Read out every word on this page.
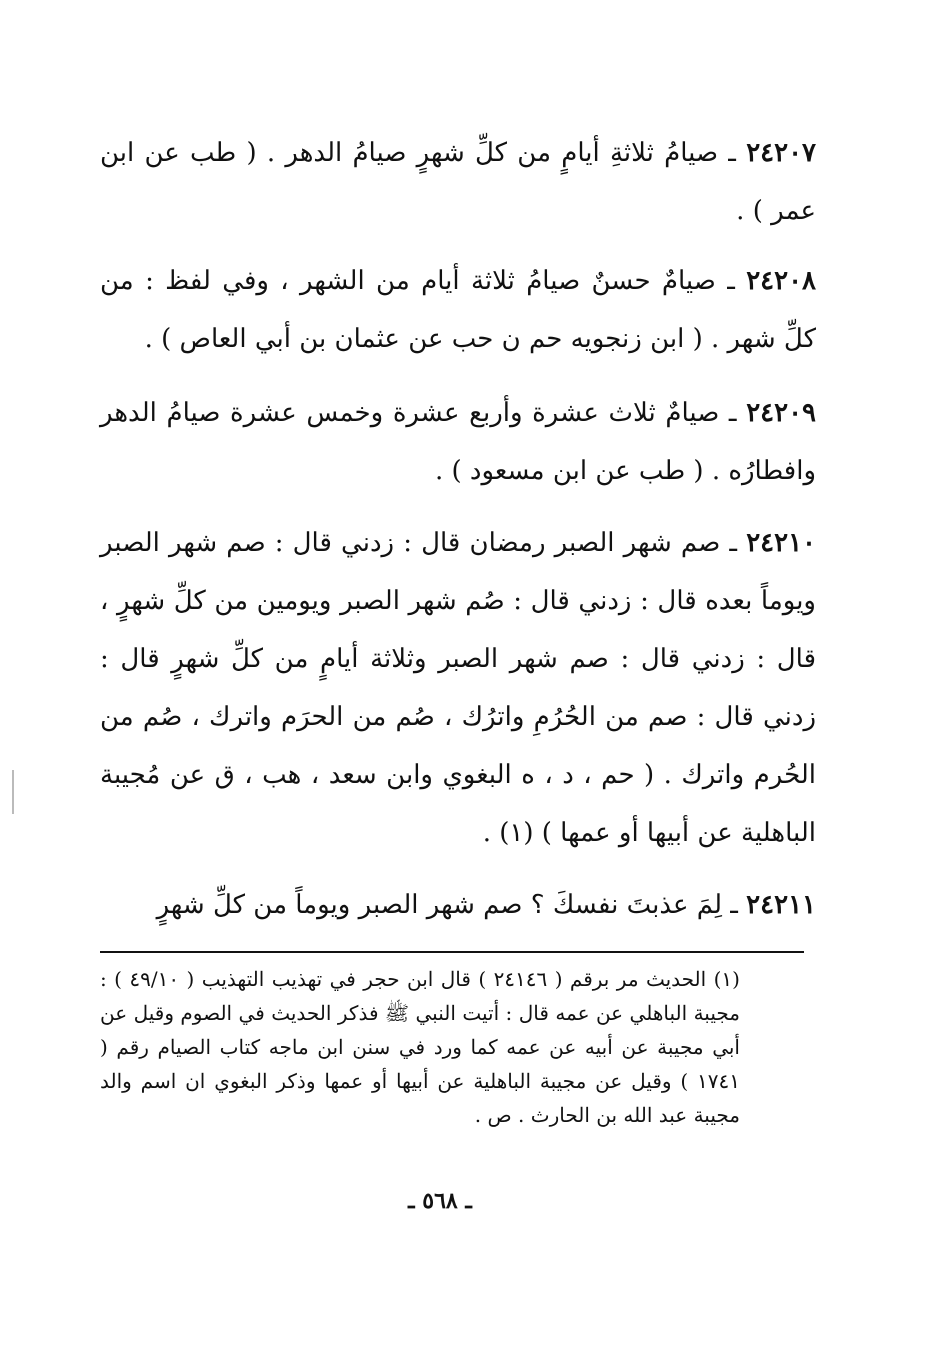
٢٤٢٠٧ ـ صيامُ ثلاثةِ أيامٍ من كلِّ شهرٍ صيامُ الدهر . ( طب عن ابن عمر ) .

٢٤٢٠٨ ـ صيامٌ حسنٌ صيامُ ثلاثة أيام من الشهر ، وفي لفظ : من كلِّ شهر . ( ابن زنجويه حم ن حب عن عثمان بن أبي العاص ) .

٢٤٢٠٩ ـ صيامٌ ثلاث عشرة وأربع عشرة وخمس عشرة صيامُ الدهر وافطارُه . ( طب عن ابن مسعود ) .

٢٤٢١٠ ـ صم شهر الصبر رمضان قال : زدني قال : صم شهر الصبر ويوماً بعده قال : زدني قال : صُم شهر الصبر ويومين من كلِّ شهرٍ ، قال : زدني قال : صم شهر الصبر وثلاثة أيامٍ من كلِّ شهرٍ قال : زدني قال : صم من الحُرُمِ واترُك ، صُم من الحرَم واترك ، صُم من الحُرم واترك . ( حم ، د ، ه البغوي وابن سعد ، هب ، ق عن مُجيبة الباهلية عن أبيها أو عمها ) (١) .

٢٤٢١١ ـ لِمَ عذبتَ نفسكَ ؟ صم شهر الصبر ويوماً من كلِّ شهرٍ

(١) الحديث مر برقم ( ٢٤١٤٦ ) قال ابن حجر في تهذيب التهذيب ( ٤٩/١٠ ) : مجيبة الباهلي عن عمه قال : أتيت النبي ﷺ فذكر الحديث في الصوم وقيل عن أبي مجيبة عن أبيه عن عمه كما ورد في سنن ابن ماجه كتاب الصيام رقم ( ١٧٤١ ) وقيل عن مجيبة الباهلية عن أبيها أو عمها وذكر البغوي ان اسم والد مجيبة عبد الله بن الحارث . ص .
ـ ٥٦٨ ـ
